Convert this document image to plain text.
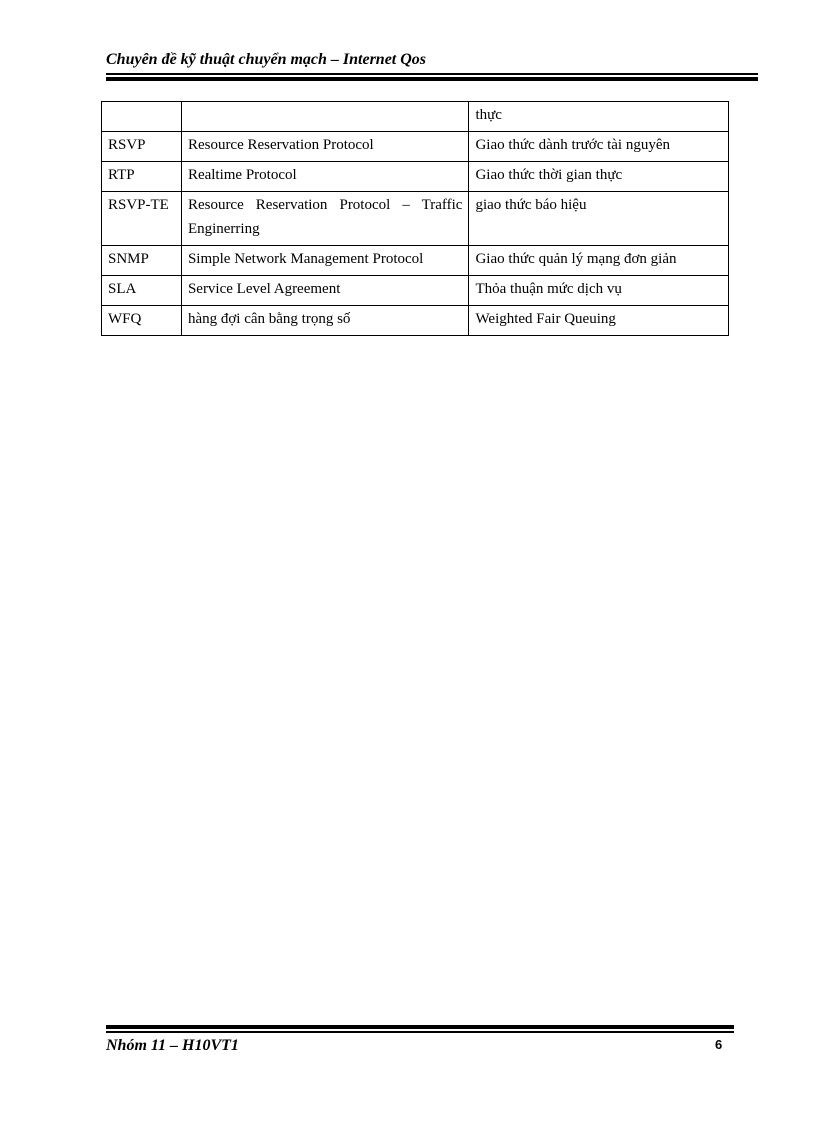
Chuyên đề kỹ thuật chuyển mạch – Internet Qos
		thực
RSVP	Resource Reservation Protocol	Giao thức dành trước tài nguyên
RTP	Realtime Protocol	Giao thức thời gian thực
RSVP-TE	Resource Reservation Protocol – Traffic Enginerring	giao thức báo hiệu
SNMP	Simple Network Management Protocol	Giao thức quản lý mạng đơn giản
SLA	Service Level Agreement	Thỏa thuận mức dịch vụ
WFQ	hàng đợi cân bằng trọng số	Weighted Fair Queuing
Nhóm 11 – H10VT1	6
